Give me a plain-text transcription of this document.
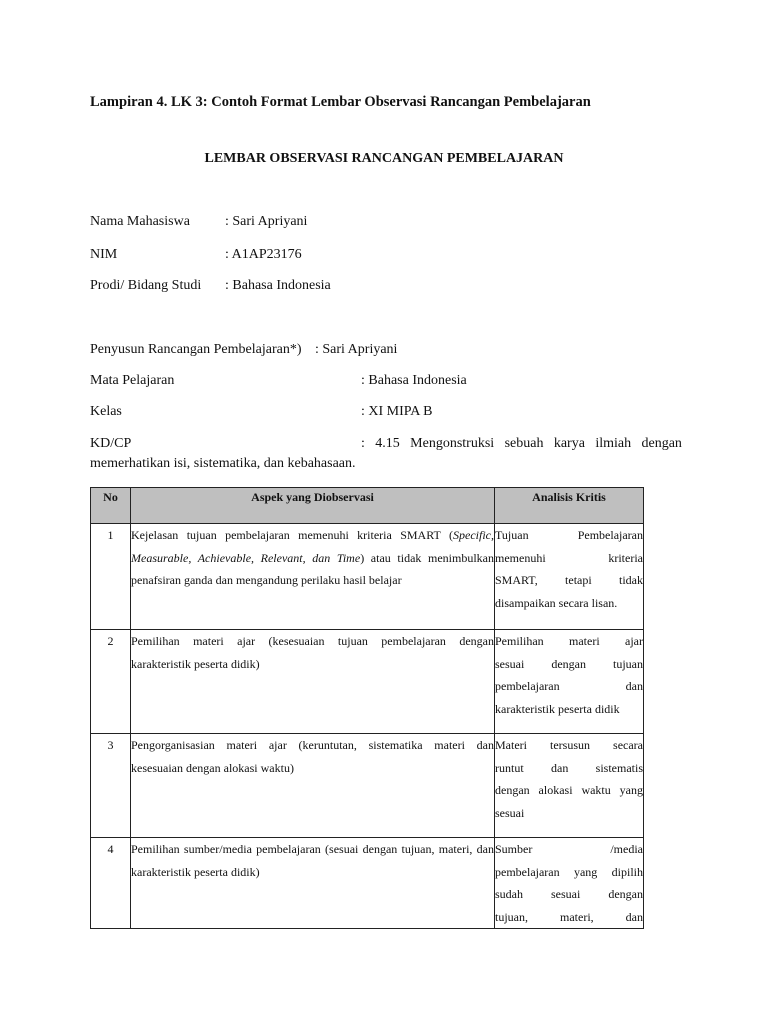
Lampiran 4. LK 3: Contoh Format Lembar Observasi Rancangan Pembelajaran
LEMBAR OBSERVASI RANCANGAN PEMBELAJARAN
Nama Mahasiswa	: Sari Apriyani
NIM	: A1AP23176
Prodi/ Bidang Studi : Bahasa Indonesia
Penyusun Rancangan Pembelajaran*) : Sari Apriyani
Mata Pelajaran	: Bahasa Indonesia
Kelas	: XI MIPA B
KD/CP	: 4.15 Mengonstruksi sebuah karya ilmiah dengan
memerhatikan isi, sistematika, dan kebahasaan.
No	Aspek yang Diobservasi	Analisis Kritis
1	Kejelasan tujuan pembelajaran memenuhi kriteria SMART (Specific, Measurable, Achievable, Relevant, dan Time) atau tidak menimbulkan penafsiran ganda dan mengandung perilaku hasil belajar	Tujuan Pembelajaran
memenuhi kriteria
SMART, tetapi tidak
disampaikan secara lisan.

2	Pemilihan materi ajar (kesesuaian tujuan pembelajaran dengan karakteristik peserta didik)	Pemilihan materi ajar
sesuai dengan tujuan
pembelajaran dan
karakteristik peserta didik

3	Pengorganisasian materi ajar (keruntutan, sistematika materi dan kesesuaian dengan alokasi waktu)	Materi tersusun secara
runtut dan sistematis
dengan alokasi waktu yang
sesuai

4	Pemilihan sumber/media pembelajaran (sesuai dengan tujuan, materi, dan karakteristik peserta didik)	Sumber /media
pembelajaran yang dipilih
sudah sesuai dengan
tujuan, materi, dan
